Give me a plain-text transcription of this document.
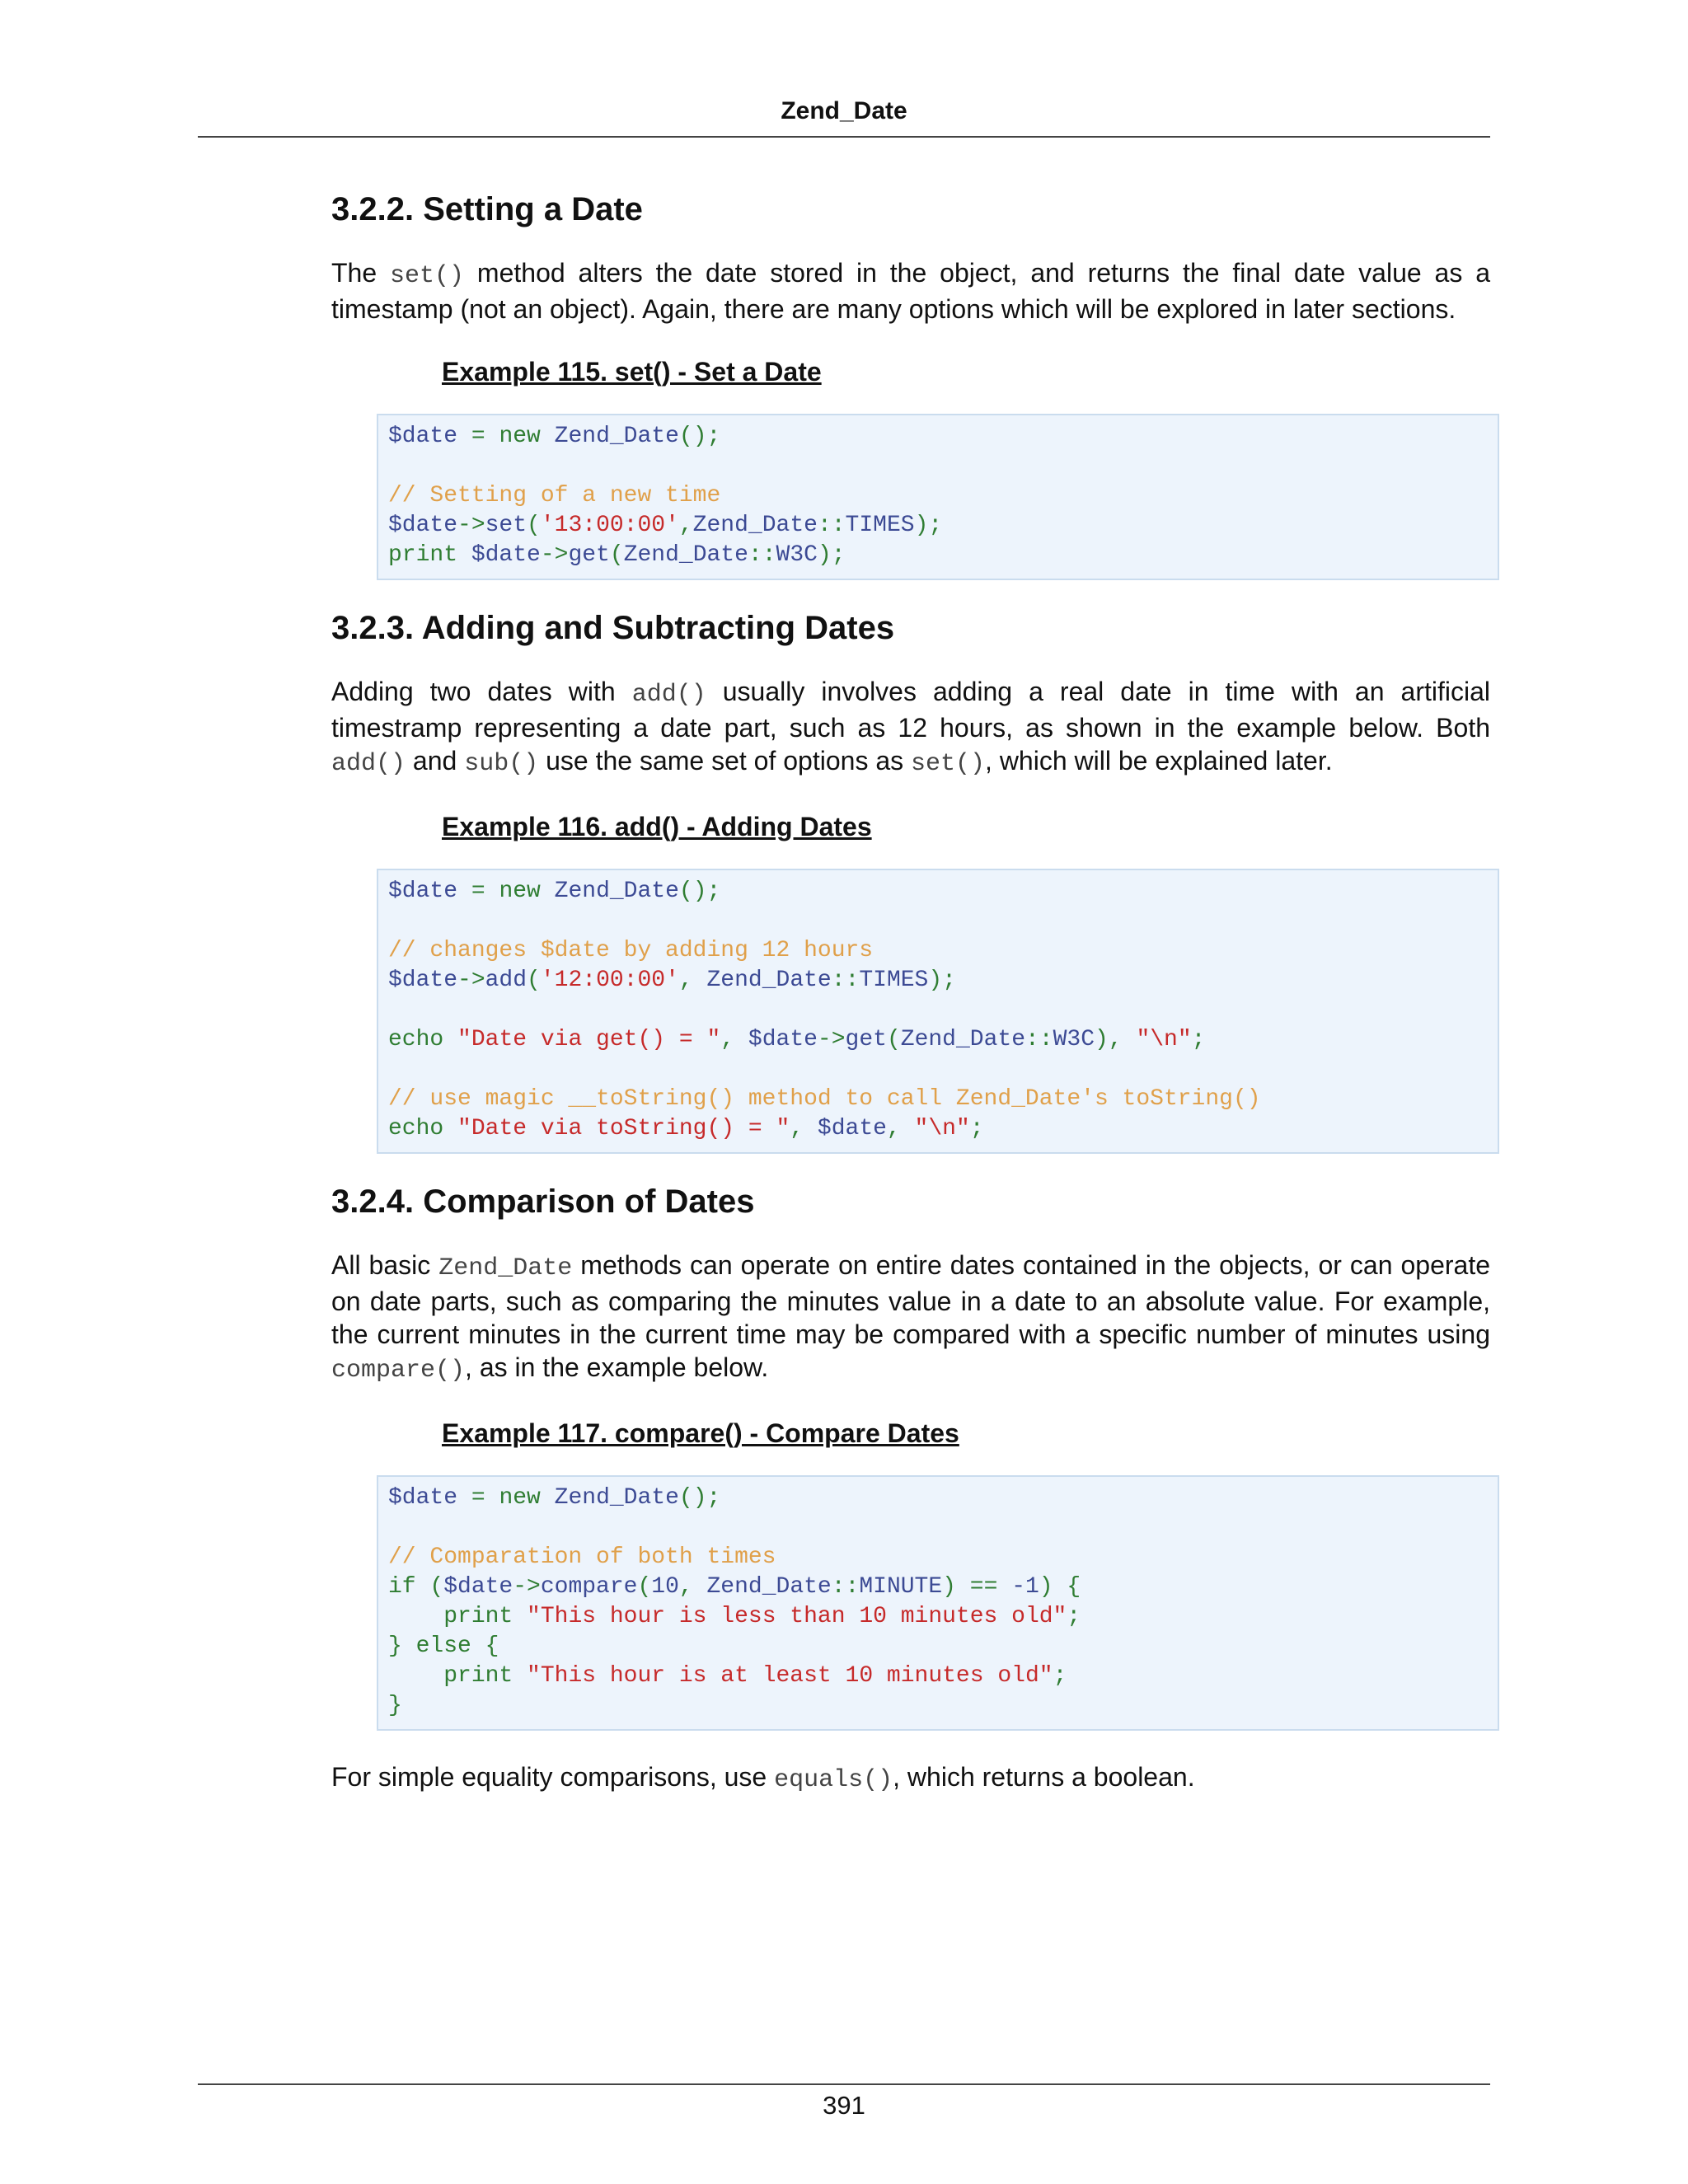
Zend_Date
3.2.2. Setting a Date

The set() method alters the date stored in the object, and returns the final date value as a timestamp (not an object). Again, there are many options which will be explored in later sections.

Example 115. set() - Set a Date

$date = new Zend_Date();

// Setting of a new time
$date->set('13:00:00',Zend_Date::TIMES);
print $date->get(Zend_Date::W3C);
3.2.3. Adding and Subtracting Dates

Adding two dates with add() usually involves adding a real date in time with an artificial timestramp representing a date part, such as 12 hours, as shown in the example below. Both add() and sub() use the same set of options as set(), which will be explained later.

Example 116. add() - Adding Dates

$date = new Zend_Date();

// changes $date by adding 12 hours
$date->add('12:00:00', Zend_Date::TIMES);

echo "Date via get() = ", $date->get(Zend_Date::W3C), "\n";

// use magic __toString() method to call Zend_Date's toString()
echo "Date via toString() = ", $date, "\n";
3.2.4. Comparison of Dates

All basic Zend_Date methods can operate on entire dates contained in the objects, or can operate on date parts, such as comparing the minutes value in a date to an absolute value. For example, the current minutes in the current time may be compared with a specific number of minutes using compare(), as in the example below.

Example 117. compare() - Compare Dates

$date = new Zend_Date();

// Comparation of both times
if ($date->compare(10, Zend_Date::MINUTE) == -1) {
print "This hour is less than 10 minutes old";
} else {
print "This hour is at least 10 minutes old";
}

For simple equality comparisons, use equals(), which returns a boolean.

391
